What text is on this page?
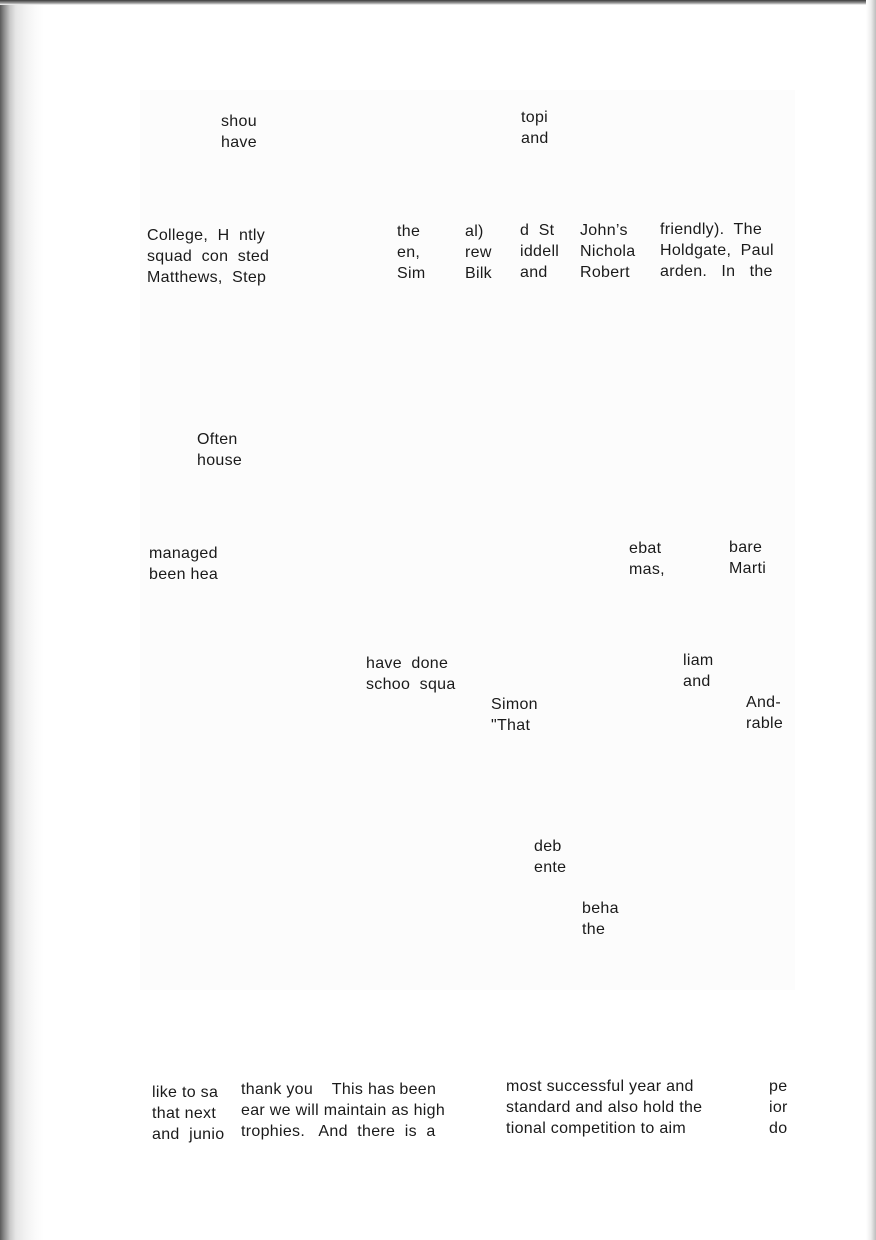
shou
have

topi
and

College,  H  ntly
squad  con  sted
Matthews,  Step

the
en,
Sim

al)
rew
Bilk

d  St
iddell
and

John’s
Nichola
Robert

friendly).  The
Holdgate,  Paul
arden.   In   the

Often
house

managed
been hea

ebat
mas,

bare
Marti

have  done
schoo  squa

liam
and

Simon
"That

And-
rable

deb
ente

beha
the

like to sa
that next
and  junio

thank you    This has been
ear we will maintain as high
trophies.   And  there  is  a

most successful year and
standard and also hold the
tional competition to aim

pe
ior
do
